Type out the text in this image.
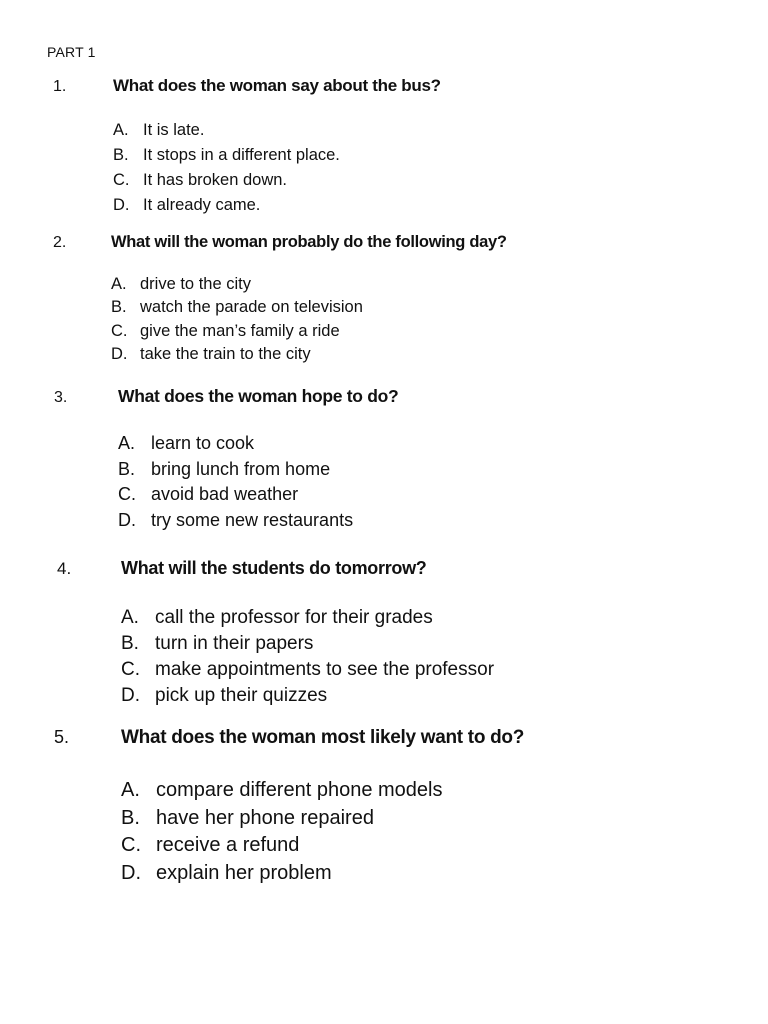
PART 1
1.	What does the woman say about the bus?
A. It is late.
B. It stops in a different place.
C. It has broken down.
D. It already came.
2.	What will the woman probably do the following day?
A. drive to the city
B. watch the parade on television
C. give the man’s family a ride
D. take the train to the city
3.	What does the woman hope to do?
A. learn to cook
B. bring lunch from home
C. avoid bad weather
D. try some new restaurants
4.	What will the students do tomorrow?
A. call the professor for their grades
B. turn in their papers
C. make appointments to see the professor
D. pick up their quizzes
5.	What does the woman most likely want to do?
A. compare different phone models
B. have her phone repaired
C. receive a refund
D. explain her problem
